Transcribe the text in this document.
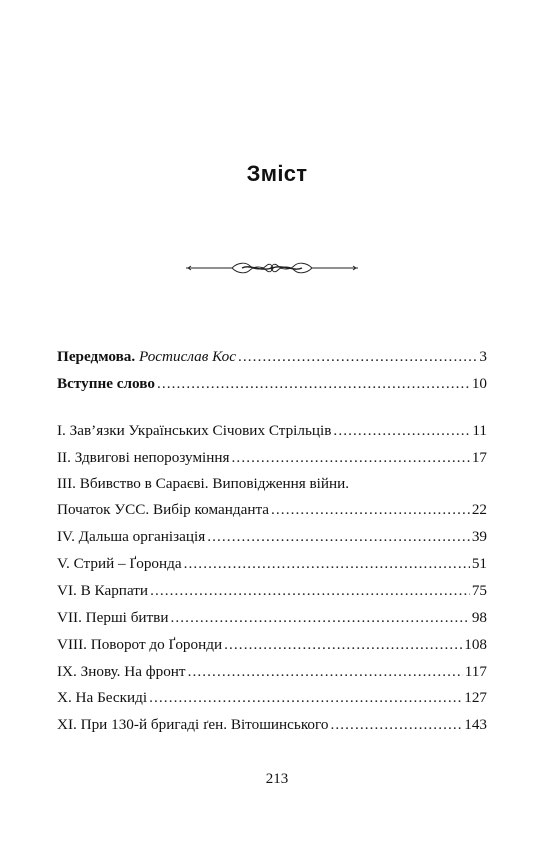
Зміст
Передмова. Ростислав Кос .....	3
Вступне слово .....	10
I. Зав’язки Українських Січових Стрільців .....	11
II. Здвигові непорозуміння .....	17
III. Вбивство в Сараєві. Виповідження війни.
Початок УСС. Вибір команданта .....	22
IV. Дальша організація .....	39
V. Стрий – Ґоронда .....	51
VI. В Карпати .....	75
VII. Перші битви .....	98
VIII. Поворот до Ґоронди .....	108
IX. Знову. На фронт .....	117
X. На Бескиді .....	127
XI. При 130-й бригаді ґен. Вітошинського .....	143
213
